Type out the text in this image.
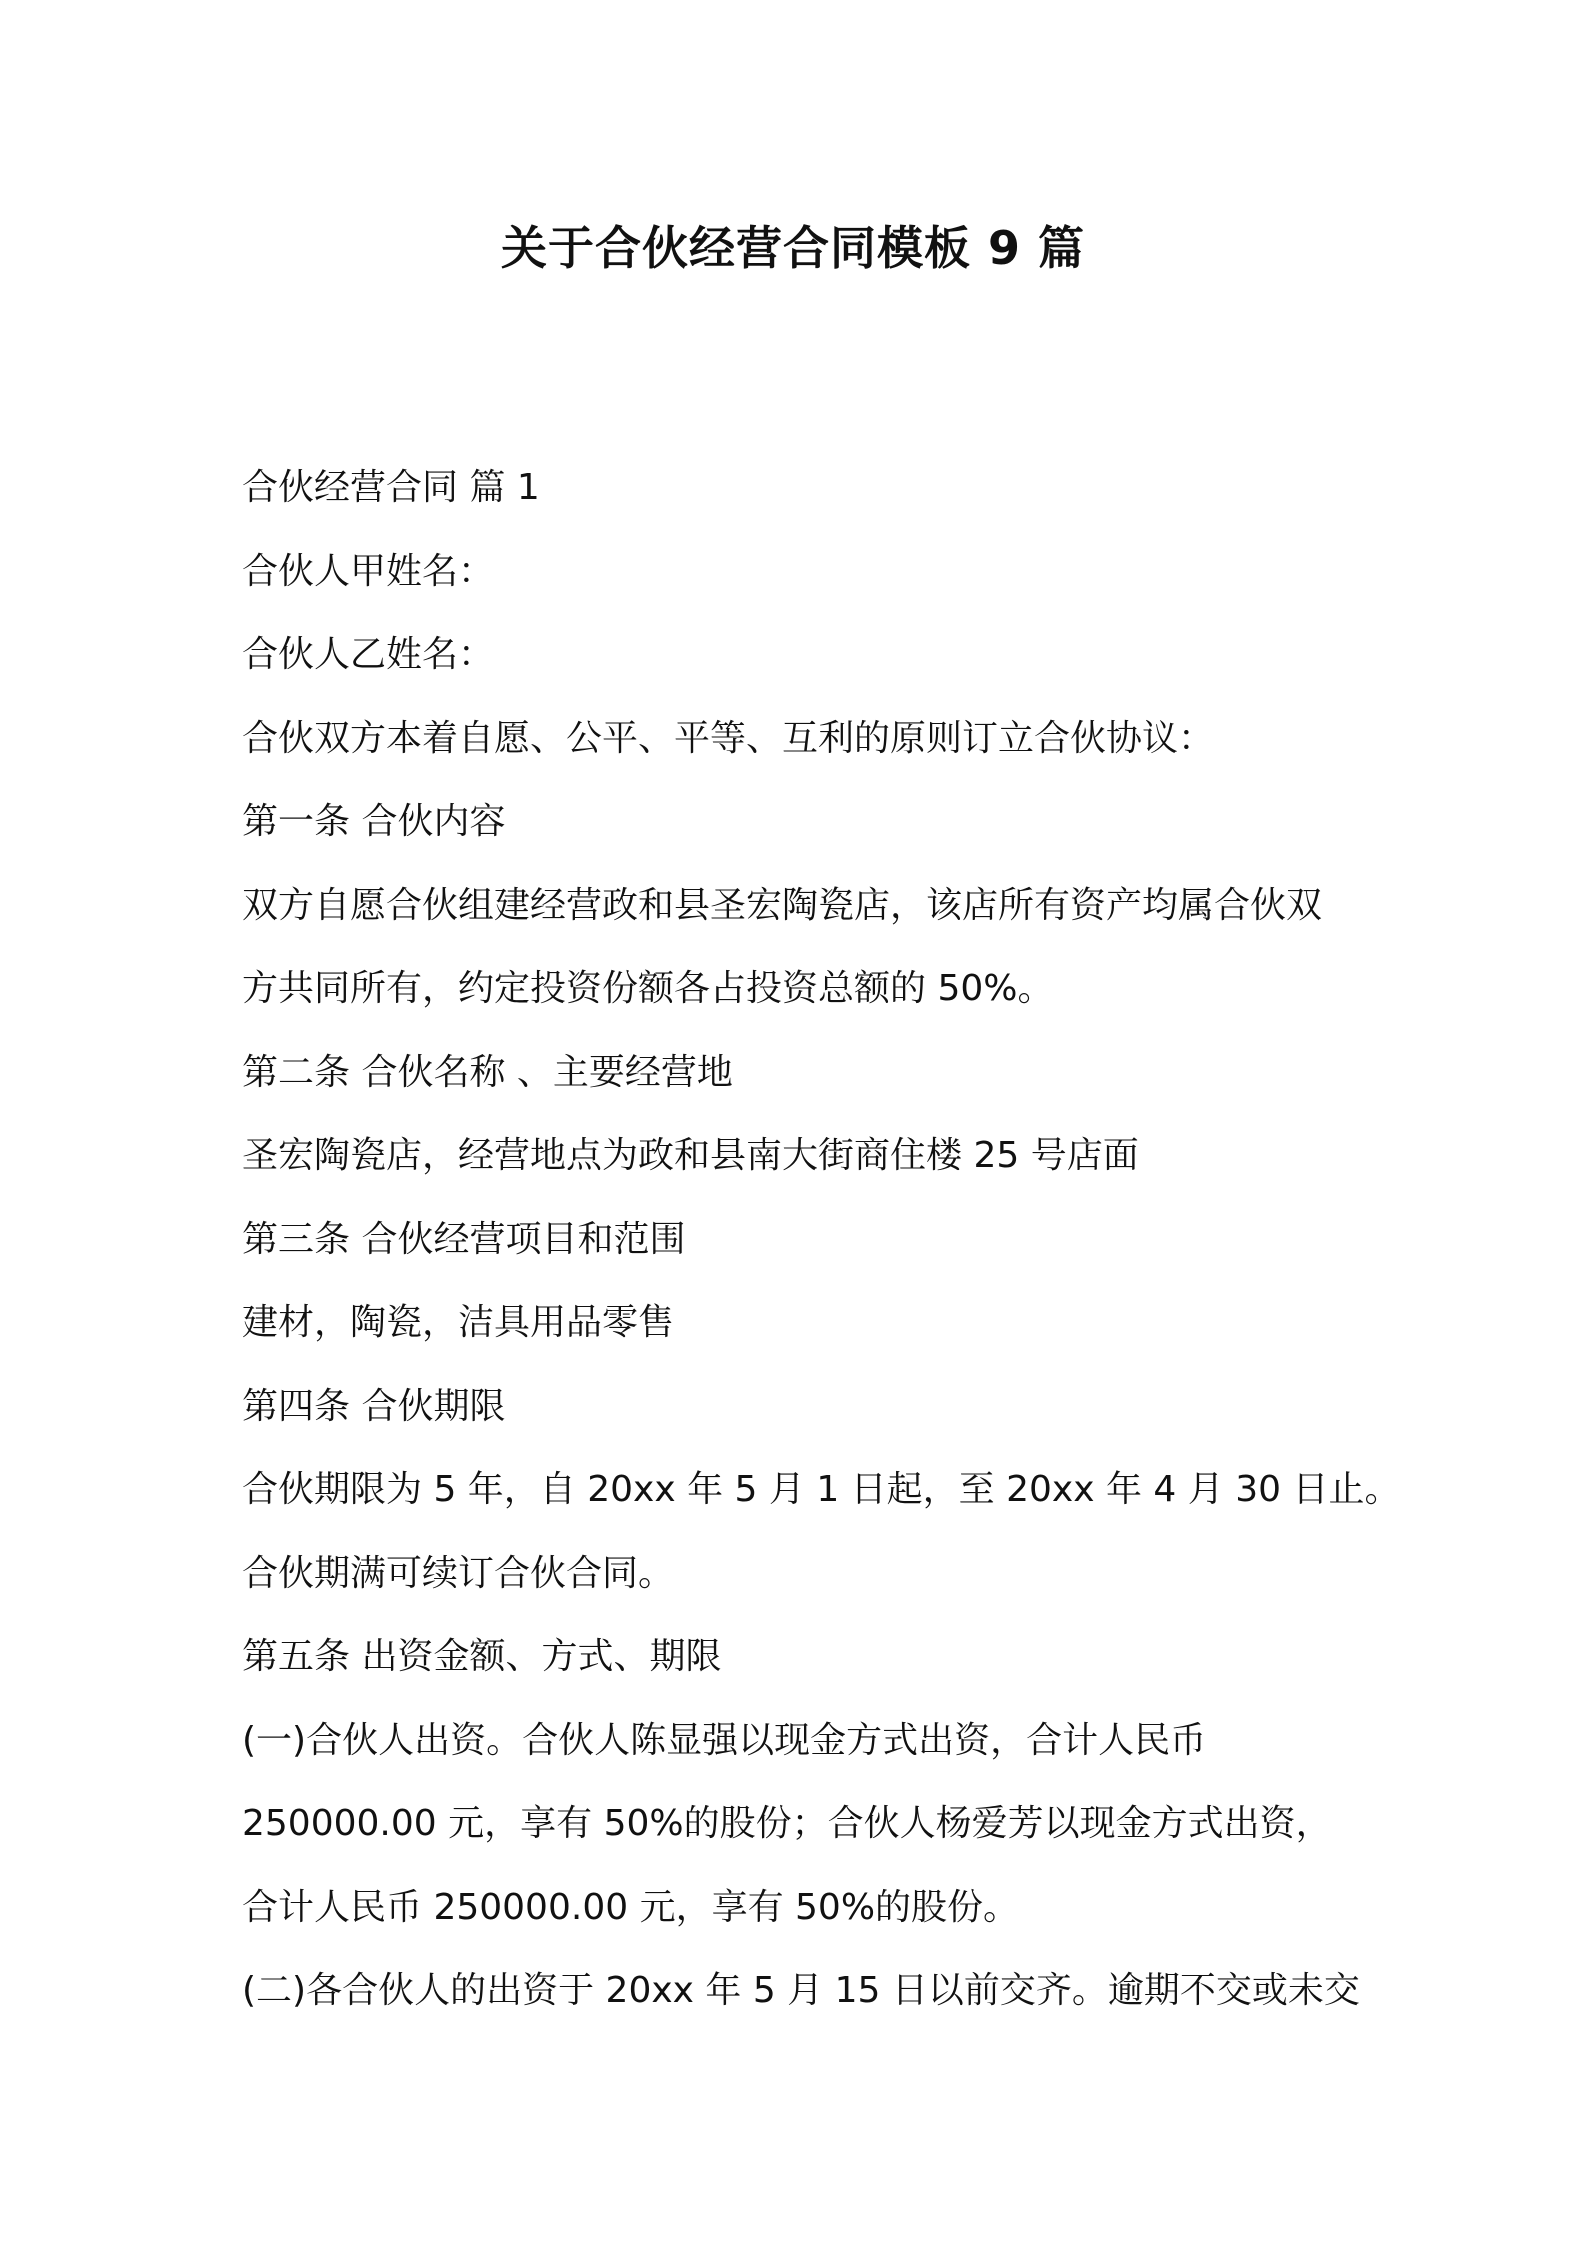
关于合伙经营合同模板 9 篇

合伙经营合同 篇 1

合伙人甲姓名：

合伙人乙姓名：

合伙双方本着自愿、公平、平等、互利的原则订立合伙协议：

第一条 合伙内容

双方自愿合伙组建经营政和县圣宏陶瓷店，该店所有资产均属合伙双

方共同所有，约定投资份额各占投资总额的 50%。

第二条 合伙名称 、主要经营地

圣宏陶瓷店，经营地点为政和县南大街商住楼 25 号店面

第三条 合伙经营项目和范围

建材，陶瓷，洁具用品零售

第四条 合伙期限

合伙期限为 5 年，自 20xx 年 5 月 1 日起，至 20xx 年 4 月 30 日止。

合伙期满可续订合伙合同。

第五条 出资金额、方式、期限

(一)合伙人出资。合伙人陈显强以现金方式出资，合计人民币

250000.00 元，享有 50%的股份；合伙人杨爱芳以现金方式出资，

合计人民币 250000.00 元，享有 50%的股份。

(二)各合伙人的出资于 20xx 年 5 月 15 日以前交齐。逾期不交或未交
